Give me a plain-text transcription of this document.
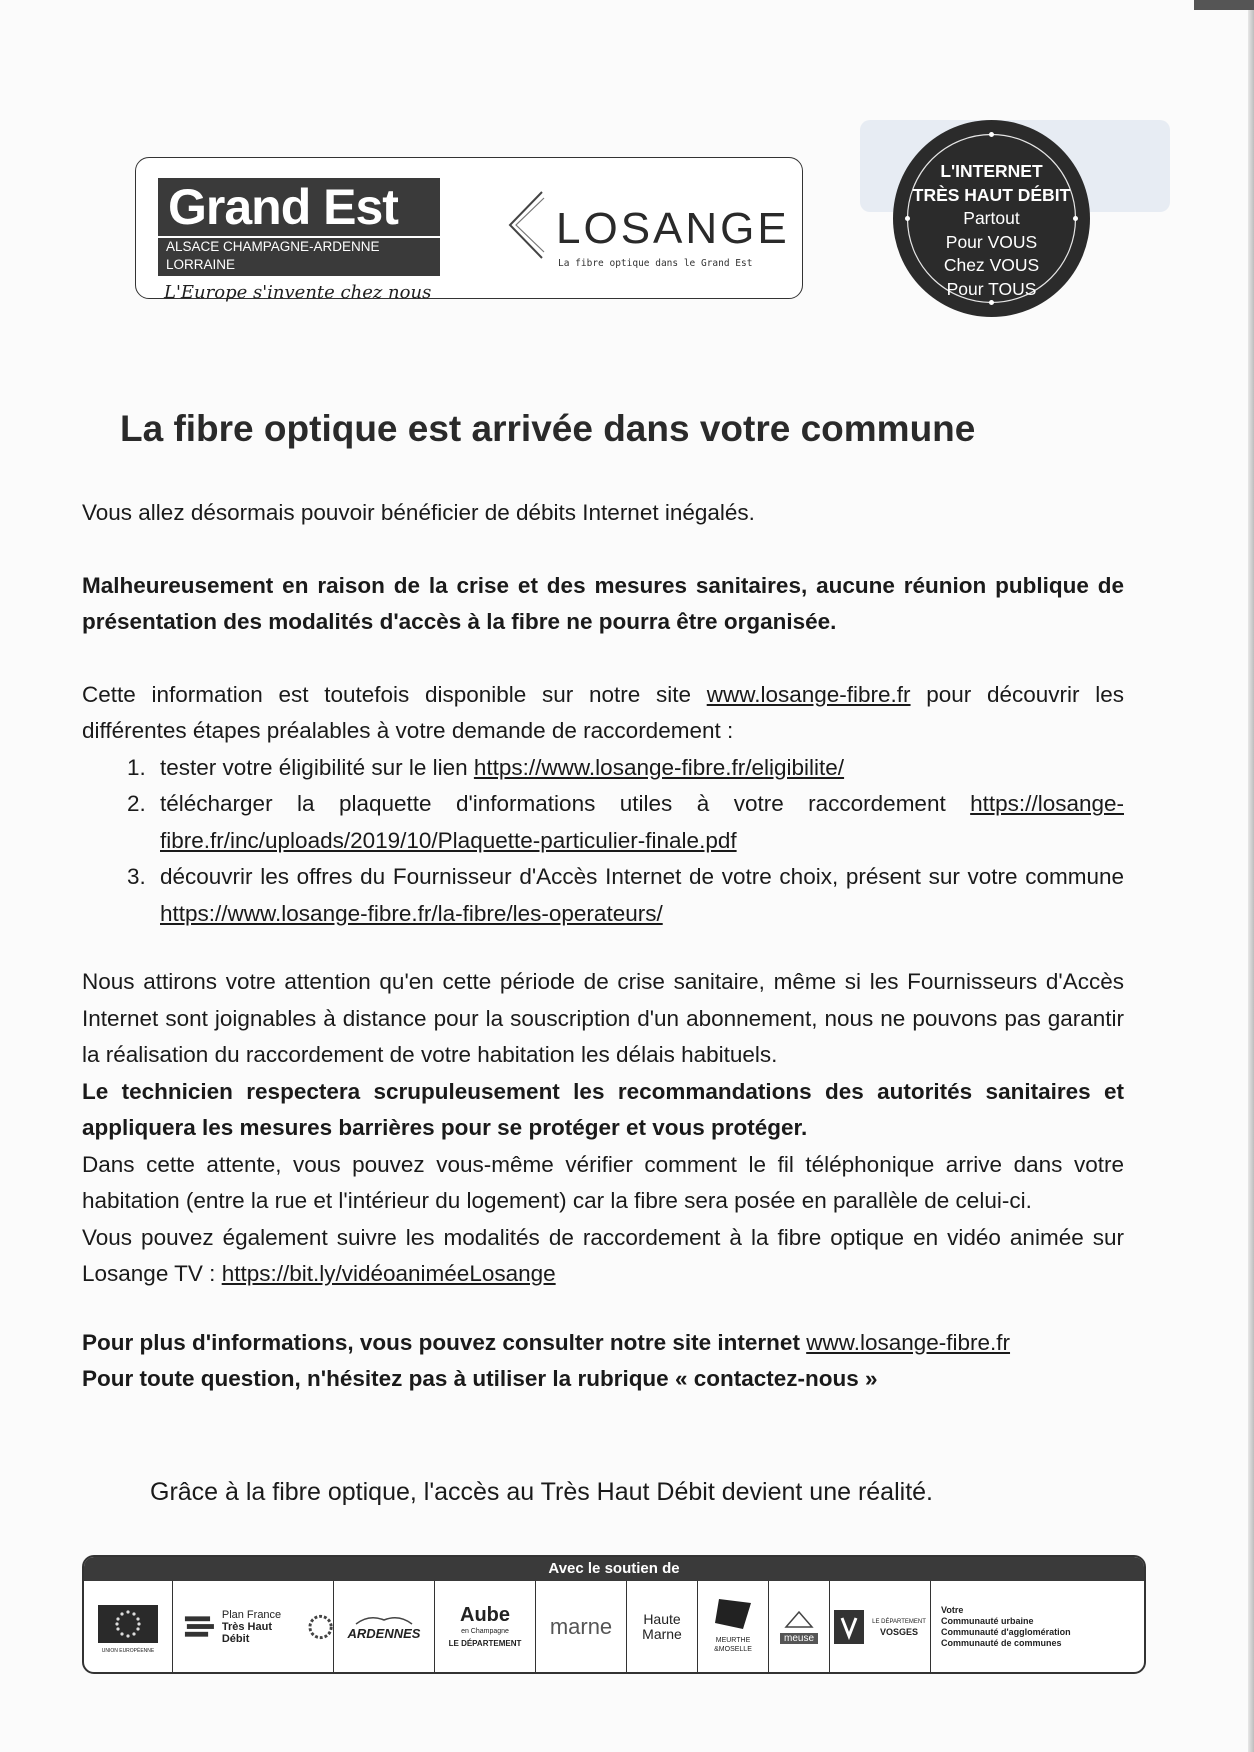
Grand Est
ALSACE CHAMPAGNE-ARDENNE LORRAINE
L'Europe s'invente chez nous
LOSANGE
La fibre optique dans le Grand Est
L'INTERNET
TRÈS HAUT DÉBIT
Partout
Pour VOUS
Chez VOUS
Pour TOUS
La fibre optique est arrivée dans votre commune

Vous allez désormais pouvoir bénéficier de débits Internet inégalés.

Malheureusement en raison de la crise et des mesures sanitaires, aucune réunion publique de présentation des modalités d'accès à la fibre ne pourra être organisée.

Cette information est toutefois disponible sur notre site www.losange-fibre.fr pour découvrir les différentes étapes préalables à votre demande de raccordement :

1. tester votre éligibilité sur le lien https://www.losange-fibre.fr/eligibilite/
2. télécharger la plaquette d'informations utiles à votre raccordement https://losange-fibre.fr/inc/uploads/2019/10/Plaquette-particulier-finale.pdf
3. découvrir les offres du Fournisseur d'Accès Internet de votre choix, présent sur votre commune https://www.losange-fibre.fr/la-fibre/les-operateurs/

Nous attirons votre attention qu'en cette période de crise sanitaire, même si les Fournisseurs d'Accès Internet sont joignables à distance pour la souscription d'un abonnement, nous ne pouvons pas garantir la réalisation du raccordement de votre habitation les délais habituels.

Le technicien respectera scrupuleusement les recommandations des autorités sanitaires et appliquera les mesures barrières pour se protéger et vous protéger.

Dans cette attente, vous pouvez vous-même vérifier comment le fil téléphonique arrive dans votre habitation (entre la rue et l'intérieur du logement) car la fibre sera posée en parallèle de celui-ci.

Vous pouvez également suivre les modalités de raccordement à la fibre optique en vidéo animée sur Losange TV : https://bit.ly/vidéoaniméeLosange

Pour plus d'informations, vous pouvez consulter notre site internet www.losange-fibre.fr

Pour toute question, n'hésitez pas à utiliser la rubrique « contactez-nous »

Grâce à la fibre optique, l'accès au Très Haut Débit devient une réalité.
Avec le soutien de
UNION EUROPÉENNE
Plan France
Très Haut Débit	ARDENNES
Aube
en Champagne
LE DÉPARTEMENT
marne Haute
Marne	MEURTHE
&MOSELLE
meuse
LE DÉPARTEMENT
VOSGES
Votre
Communauté urbaine
Communauté d'agglomération
Communauté de communes
